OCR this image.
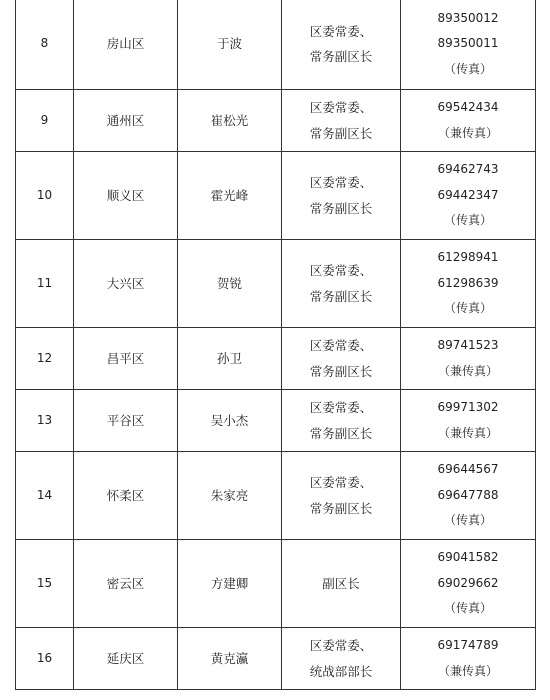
8	房山区	于波	区委常委、
常务副区长	89350012
89350011
（传真）

9	通州区	崔松光	区委常委、
常务副区长	69542434
（兼传真）

10	顺义区	霍光峰	区委常委、
常务副区长	69462743
69442347
（传真）

11	大兴区	贺锐	区委常委、
常务副区长	61298941
61298639
（传真）

12	昌平区	孙卫	区委常委、
常务副区长	89741523
（兼传真）

13	平谷区	吴小杰	区委常委、
常务副区长	69971302
（兼传真）

14	怀柔区	朱家亮	区委常委、
常务副区长	69644567
69647788
（传真）

15	密云区	方建卿	副区长	69041582
69029662
（传真）

16	延庆区	黄克瀛	区委常委、
统战部部长	69174789
（兼传真）
